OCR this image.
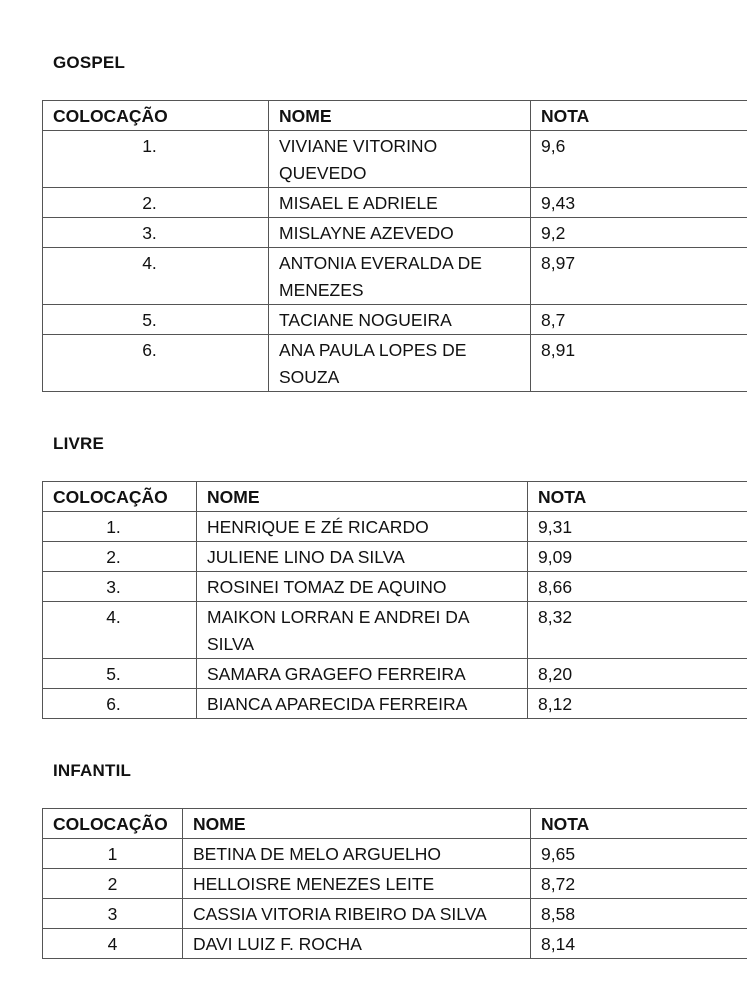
GOSPEL
COLOCAÇÃO	NOME	NOTA
1.	VIVIANE VITORINO QUEVEDO	9,6
2.	MISAEL E ADRIELE	9,43
3.	MISLAYNE AZEVEDO	9,2
4.	ANTONIA EVERALDA DE MENEZES	8,97
5.	TACIANE NOGUEIRA	8,7
6.	ANA PAULA LOPES DE SOUZA	8,91
LIVRE
COLOCAÇÃO	NOME	NOTA
1.	HENRIQUE E ZÉ RICARDO	9,31
2.	JULIENE LINO DA SILVA	9,09
3.	ROSINEI TOMAZ DE AQUINO	8,66
4.	MAIKON LORRAN E ANDREI DA SILVA	8,32
5.	SAMARA GRAGEFO FERREIRA	8,20
6.	BIANCA APARECIDA FERREIRA	8,12
INFANTIL
COLOCAÇÃO	NOME	NOTA
1	BETINA DE MELO ARGUELHO	9,65
2	HELLOISRE MENEZES LEITE	8,72
3	CASSIA VITORIA RIBEIRO DA SILVA	8,58
4	DAVI LUIZ F. ROCHA	8,14
